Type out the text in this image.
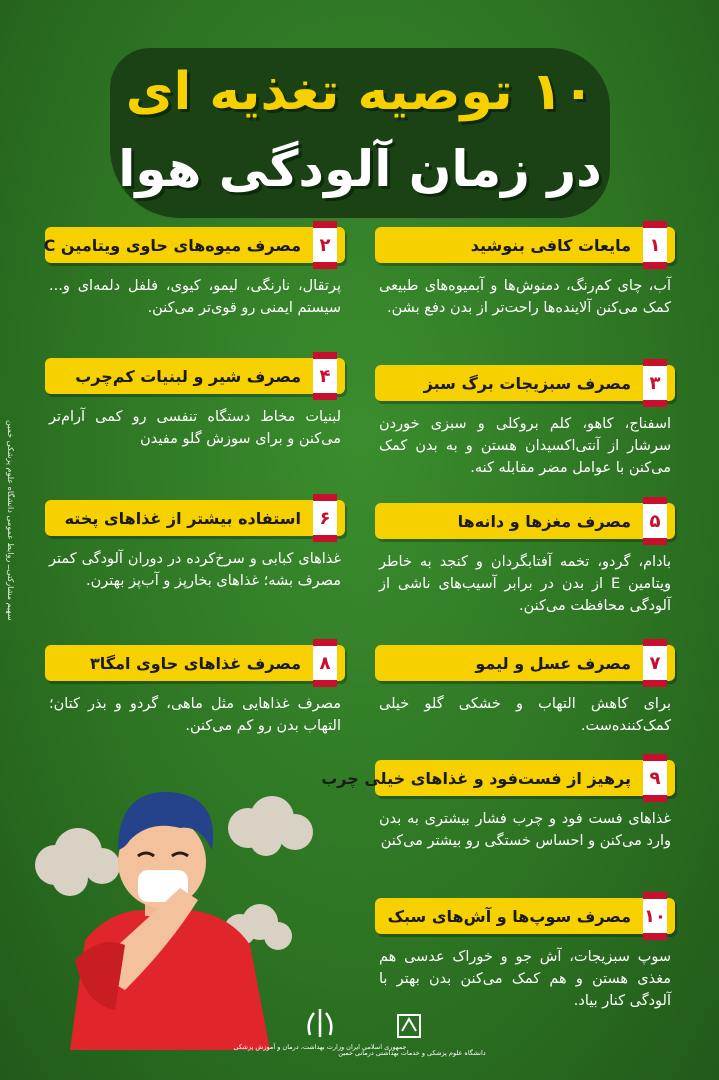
۱۰ توصیه تغذیه ای
در زمان آلودگی هوا
سهیم مشارکتی‌ــ روابط عمومی دانشگاه علوم پزشکی خمین
۱
مایعات کافی بنوشید
آب، چای کم‌رنگ، دمنوش‌ها و آبمیوه‌های طبیعی کمک می‌کنن آلاینده‌ها راحت‌تر از بدن دفع بشن.
۳
مصرف سبزیجات برگ سبز
اسفناج، کاهو، کلم بروکلی و سبزی خوردن سرشار از آنتی‌اکسیدان هستن و به بدن کمک می‌کنن با عوامل مضر مقابله کنه.
۵
مصرف مغزها و دانه‌ها
بادام، گردو، تخمه آفتابگردان و کنجد به خاطر ویتامین E از بدن در برابر آسیب‌های ناشی از آلودگی محافظت می‌کنن.
۷
مصرف عسل و لیمو
برای کاهش التهاب و خشکی گلو خیلی کمک‌کننده‌ست.
۹
پرهیز از فست‌فود و غذاهای خیلی چرب
غذاهای فست فود و چرب فشار بیشتری به بدن وارد می‌کنن و احساس خستگی رو بیشتر می‌کنن
۱۰
مصرف سوپ‌ها و آش‌های سبک
سوپ سبزیجات، آش جو و خوراک عدسی هم مغذی هستن و هم کمک می‌کنن بدن بهتر با آلودگی کنار بیاد.
۲
مصرف میوه‌های حاوی ویتامین C
پرتقال، نارنگی، لیمو، کیوی، فلفل دلمه‌ای و... سیستم ایمنی رو قوی‌تر می‌کنن.
۴
مصرف شیر و لبنیات کم‌چرب
لبنیات مخاط دستگاه تنفسی رو کمی آرام‌تر می‌کنن و برای سوزش گلو مفیدن
۶
استفاده بیشتر از غذاهای پخته
غذاهای کبابی و سرخ‌کرده در دوران آلودگی کمتر مصرف بشه؛ غذاهای بخارپز و آب‌پز بهترن.
۸
مصرف غذاهای حاوی امگا۳
مصرف غذاهایی مثل ماهی، گردو و بذر کتان؛ التهاب بدن رو کم می‌کنن.
جمهوری اسلامی ایران وزارت بهداشت، درمان و آموزش پزشکی
دانشگاه علوم پزشکی و خدمات بهداشتی درمانی خمین
